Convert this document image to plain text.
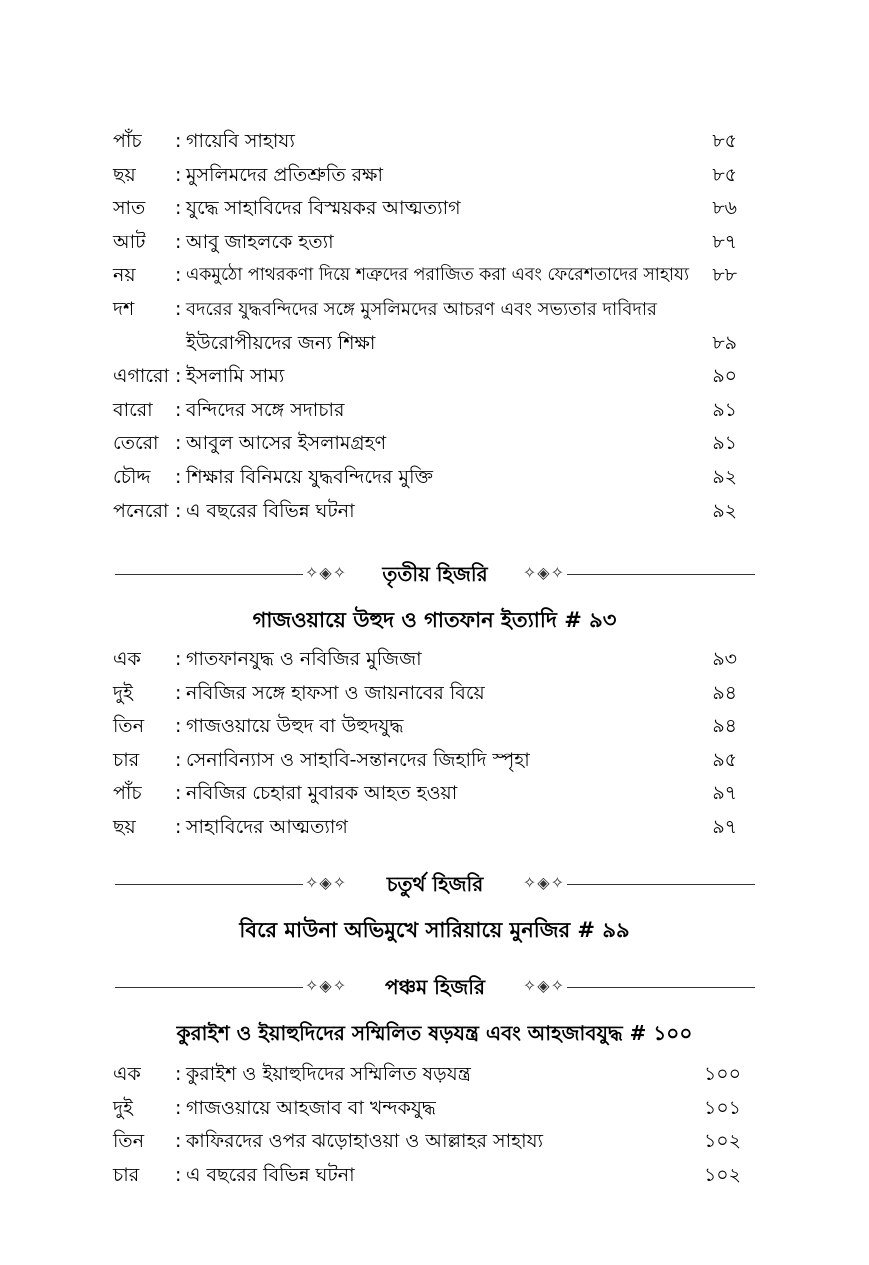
পাঁচ : গায়েবি সাহায্য	৮৫
ছয় : মুসলিমদের প্রতিশ্রুতি রক্ষা	৮৫
সাত : যুদ্ধে সাহাবিদের বিস্ময়কর আত্মত্যাগ	৮৬
আট : আবু জাহলকে হত্যা	৮৭
নয় : একমুঠো পাথরকণা দিয়ে শত্রুদের পরাজিত করা এবং ফেরেশতাদের সাহায্য ৮৮
দশ : বদরের যুদ্ধবন্দিদের সঙ্গে মুসলিমদের আচরণ এবং সভ্যতার দাবিদার
ইউরোপীয়দের জন্য শিক্ষা	৮৯
এগারো : ইসলামি সাম্য	৯০
বারো : বন্দিদের সঙ্গে সদাচার	৯১
তেরো : আবুল আসের ইসলামগ্রহণ	৯১
চৌদ্দ : শিক্ষার বিনিময়ে যুদ্ধবন্দিদের মুক্তি	৯২
পনেরো : এ বছরের বিভিন্ন ঘটনা	৯২
✧◈✧	তৃতীয় হিজরি	✧◈✧
গাজওয়ায়ে উহুদ ও গাতফান ইত্যাদি # ৯৩
এক : গাতফানযুদ্ধ ও নবিজির মুজিজা	৯৩
দুই : নবিজির সঙ্গে হাফসা ও জায়নাবের বিয়ে	৯৪
তিন : গাজওয়ায়ে উহুদ বা উহুদযুদ্ধ	৯৪
চার : সেনাবিন্যাস ও সাহাবি-সন্তানদের জিহাদি স্পৃহা	৯৫
পাঁচ : নবিজির চেহারা মুবারক আহত হওয়া	৯৭
ছয় : সাহাবিদের আত্মত্যাগ	৯৭
✧◈✧	চতুর্থ হিজরি	✧◈✧
বিরে মাউনা অভিমুখে সারিয়ায়ে মুনজির # ৯৯
✧◈✧	পঞ্চম হিজরি	✧◈✧
কুরাইশ ও ইয়াহুদিদের সম্মিলিত ষড়যন্ত্র এবং আহজাবযুদ্ধ # ১০০
এক : কুরাইশ ও ইয়াহুদিদের সম্মিলিত ষড়যন্ত্র	১০০
দুই : গাজওয়ায়ে আহজাব বা খন্দকযুদ্ধ	১০১
তিন : কাফিরদের ওপর ঝড়োহাওয়া ও আল্লাহর সাহায্য	১০২
চার : এ বছরের বিভিন্ন ঘটনা	১০২
